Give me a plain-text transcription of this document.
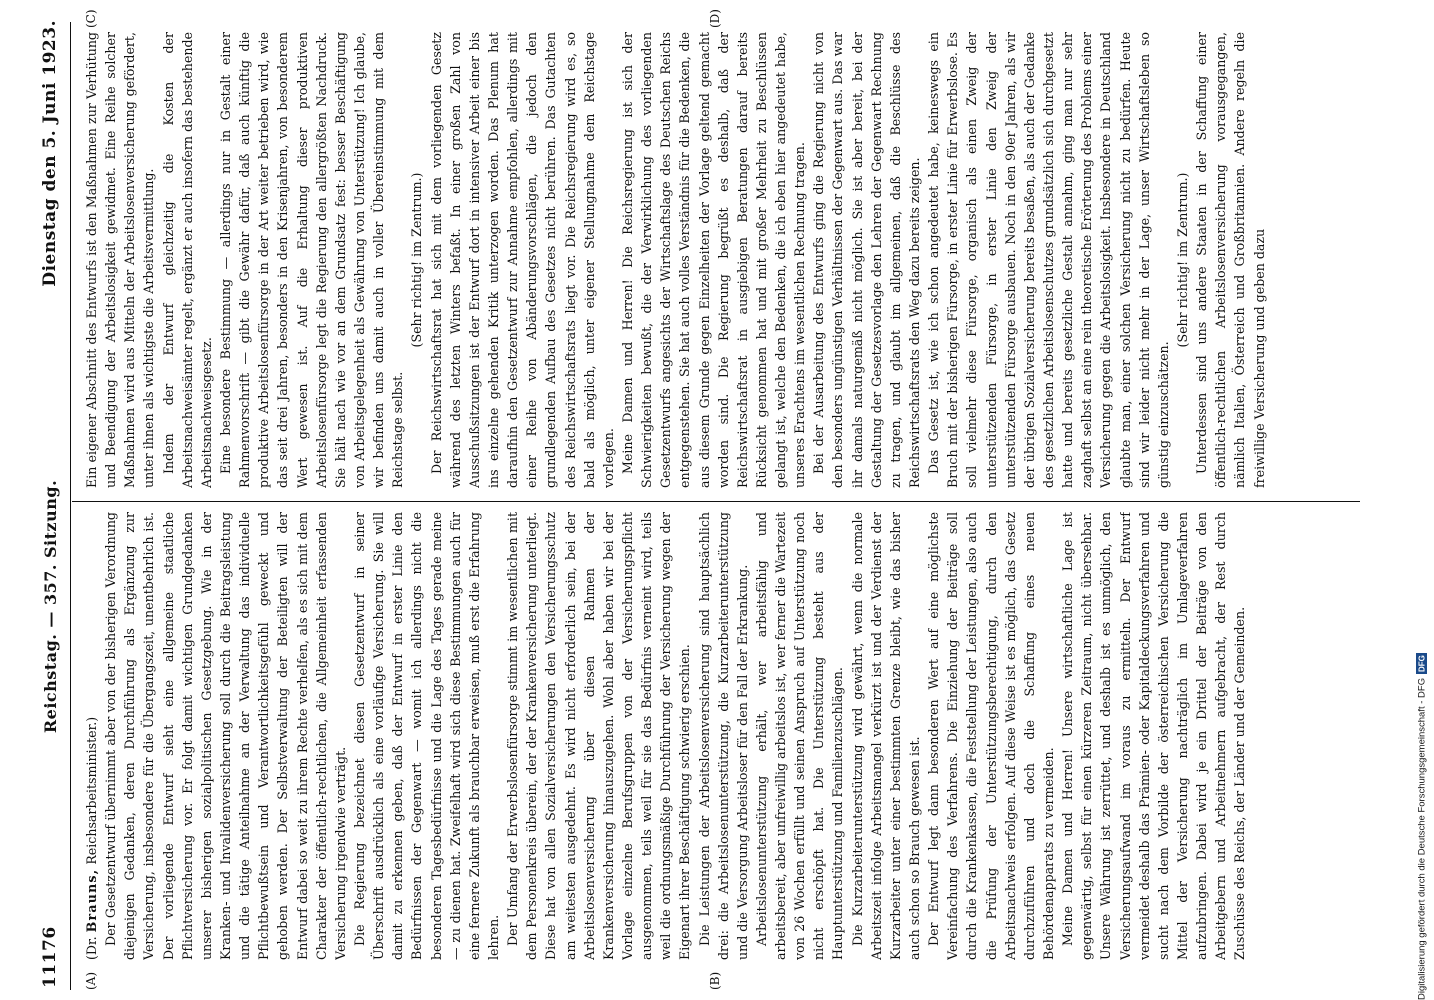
11176
Reichstag. — 357. Sitzung.
Dienstag den 5. Juni 1923.
(A)	(B)
(C)	(D)

(Dr. Brauns, Reichsarbeitsminister.) Der Gesetzentwurf übernimmt aber von der bisherigen Verordnung diejenigen Gedanken, deren Durchführung als Ergänzung zur Versicherung, insbesondere für die Übergangszeit, unentbehrlich ist. Der vorliegende Entwurf sieht eine allgemeine staatliche Pflichtversicherung vor. Er folgt damit wichtigen Grundgedanken unserer bisherigen sozialpolitischen Gesetzgebung. Wie in der Kranken- und Invalidenversicherung soll durch die Beitragsleistung und die tätige Anteilnahme an der Verwaltung das individuelle Pflichtbewußtsein und Verantwortlichkeitsgefühl geweckt und gehoben werden. Der Selbstverwaltung der Beteiligten will der Entwurf dabei so weit zu ihrem Rechte verhelfen, als es sich mit dem Charakter der öffentlich-rechtlichen, die Allgemeinheit erfassenden Versicherung irgendwie verträgt. Die Regierung bezeichnet diesen Gesetzentwurf in seiner Überschrift ausdrücklich als eine vorläufige Versicherung. Sie will damit zu erkennen geben, daß der Entwurf in erster Linie den Bedürfnissen der Gegenwart — womit ich allerdings nicht die besonderen Tagesbedürfnisse und die Lage des Tages gerade meine — zu dienen hat. Zweifelhaft wird sich diese Bestimmungen auch für eine fernere Zukunft als brauchbar erweisen, muß erst die Erfahrung lehren. Der Umfang der Erwerbslosenfürsorge stimmt im wesentlichen mit dem Personenkreis überein, der der Krankenversicherung unterliegt. Diese hat von allen Sozialversicherungen den Versicherungsschutz am weitesten ausgedehnt. Es wird nicht erforderlich sein, bei der Arbeitslosenversicherung über diesen Rahmen der Krankenversicherung hinauszugehen. Wohl aber haben wir bei der Vorlage einzelne Berufsgruppen von der Versicherungspflicht ausgenommen, teils weil für sie das Bedürfnis verneint wird, teils weil die ordnungsmäßige Durchführung der Versicherung wegen der Eigenart ihrer Beschäftigung schwierig erschien. Die Leistungen der Arbeitslosenversicherung sind hauptsächlich drei: die Arbeitslosenunterstützung, die Kurzarbeiterunterstützung und die Versorgung Arbeitsloser für den Fall der Erkrankung. Arbeitslosenunterstützung erhält, wer arbeitsfähig und arbeitsbereit, aber unfreiwillig arbeitslos ist, wer ferner die Wartezeit von 26 Wochen erfüllt und seinen Anspruch auf Unterstützung noch nicht erschöpft hat. Die Unterstützung besteht aus der Hauptunterstützung und Familienzuschlägen. Die Kurzarbeiterunterstützung wird gewährt, wenn die normale Arbeitszeit infolge Arbeitsmangel verkürzt ist und der Verdienst der Kurzarbeiter unter einer bestimmten Grenze bleibt, wie das bisher auch schon so Brauch gewesen ist. Der Entwurf legt dann besonderen Wert auf eine möglichste Vereinfachung des Verfahrens. Die Einziehung der Beiträge soll durch die Krankenkassen, die Feststellung der Leistungen, also auch die Prüfung der Unterstützungsberechtigung, durch den Arbeitsnachweis erfolgen. Auf diese Weise ist es möglich, das Gesetz durchzuführen und doch die Schaffung eines neuen Behördenapparats zu vermeiden. Meine Damen und Herren! Unsere wirtschaftliche Lage ist gegenwärtig, selbst für einen kürzeren Zeitraum, nicht übersehbar. Unsere Währung ist zerrüttet, und deshalb ist es unmöglich, den Versicherungsaufwand im voraus zu ermitteln. Der Entwurf vermeidet deshalb das Prämien- oder Kapitaldeckungsverfahren und sucht nach dem Vorbilde der österreichischen Versicherung die Mittel der Versicherung nachträglich im Umlageverfahren aufzubringen. Dabei wird je ein Drittel der Beiträge von den Arbeitgebern und Arbeitnehmern aufgebracht, der Rest durch Zuschüsse des Reichs, der Länder und der Gemeinden.

Ein eigener Abschnitt des Entwurfs ist den Maßnahmen zur Verhütung und Beendigung der Arbeitslosigkeit gewidmet. Eine Reihe solcher Maßnahmen wird aus Mitteln der Arbeitslosenversicherung gefördert, unter ihnen als wichtigste die Arbeitsvermittlung. Indem der Entwurf gleichzeitig die Kosten der Arbeitsnachweisämter regelt, ergänzt er auch insofern das bestehende Arbeitsnachweisgesetz. Eine besondere Bestimmung — allerdings nur in Gestalt einer Rahmenvorschrift — gibt die Gewähr dafür, daß auch künftig die produktive Arbeitslosenfürsorge in der Art weiter betrieben wird, wie das seit drei Jahren, besonders in den Krisenjahren, von besonderem Wert gewesen ist. Auf die Erhaltung dieser produktiven Arbeitslosenfürsorge legt die Regierung den allergrößten Nachdruck. Sie hält nach wie vor an dem Grundsatz fest: besser Beschäftigung von Arbeitsgelegenheit als Gewährung von Unterstützung! Ich glaube, wir befinden uns damit auch in voller Übereinstimmung mit dem Reichstage selbst.

(Sehr richtig! im Zentrum.) Der Reichswirtschaftsrat hat sich mit dem vorliegenden Gesetz während des letzten Winters befaßt. In einer großen Zahl von Ausschußsitzungen ist der Entwurf dort in intensiver Arbeit einer bis ins einzelne gehenden Kritik unterzogen worden. Das Plenum hat daraufhin den Gesetzentwurf zur Annahme empfohlen, allerdings mit einer Reihe von Abänderungsvorschlägen, die jedoch den grundlegenden Aufbau des Gesetzes nicht berühren. Das Gutachten des Reichswirtschaftsrats liegt vor. Die Reichsregierung wird es, so bald als möglich, unter eigener Stellungnahme dem Reichstage vorlegen. Meine Damen und Herren! Die Reichsregierung ist sich der Schwierigkeiten bewußt, die der Verwirklichung des vorliegenden Gesetzentwurfs angesichts der Wirtschaftslage des Deutschen Reichs entgegenstehen. Sie hat auch volles Verständnis für die Bedenken, die aus diesem Grunde gegen Einzelheiten der Vorlage geltend gemacht worden sind. Die Regierung begrüßt es deshalb, daß der Reichswirtschaftsrat in ausgiebigen Beratungen darauf bereits Rücksicht genommen hat und mit großer Mehrheit zu Beschlüssen gelangt ist, welche den Bedenken, die ich eben hier angedeutet habe, unseres Erachtens im wesentlichen Rechnung tragen. Bei der Ausarbeitung des Entwurfs ging die Regierung nicht von den besonders ungünstigen Verhältnissen der Gegenwart aus. Das war ihr damals naturgemäß nicht möglich. Sie ist aber bereit, bei der Gestaltung der Gesetzesvorlage den Lehren der Gegenwart Rechnung zu tragen, und glaubt im allgemeinen, daß die Beschlüsse des Reichswirtschaftsrats den Weg dazu bereits zeigen. Das Gesetz ist, wie ich schon angedeutet habe, keineswegs ein Bruch mit der bisherigen Fürsorge, in erster Linie für Erwerbslose. Es soll vielmehr diese Fürsorge, organisch als einen Zweig der unterstützenden Fürsorge, in erster Linie den Zweig der unterstützenden Fürsorge ausbauen. Noch in den 90er Jahren, als wir der übrigen Sozialversicherung bereits besaßen, als auch der Gedanke des gesetzlichen Arbeitslosenschutzes grundsätzlich sich durchgesetzt hatte und bereits gesetzliche Gestalt annahm, ging man nur sehr zaghaft selbst an eine rein theoretische Erörterung des Problems einer Versicherung gegen die Arbeitslosigkeit. Insbesondere in Deutschland glaubte man, einer solchen Versicherung nicht zu bedürfen. Heute sind wir leider nicht mehr in der Lage, unser Wirtschaftsleben so günstig einzuschätzen.

(Sehr richtig! im Zentrum.) Unterdessen sind uns andere Staaten in der Schaffung einer öffentlich-rechtlichen Arbeitslosenversicherung vorausgegangen, nämlich Italien, Österreich und Großbritannien. Andere regeln die freiwillige Versicherung und geben dazu

Digitalisierung gefördert durch die Deutsche Forschungsgemeinschaft - DFG
DFG
